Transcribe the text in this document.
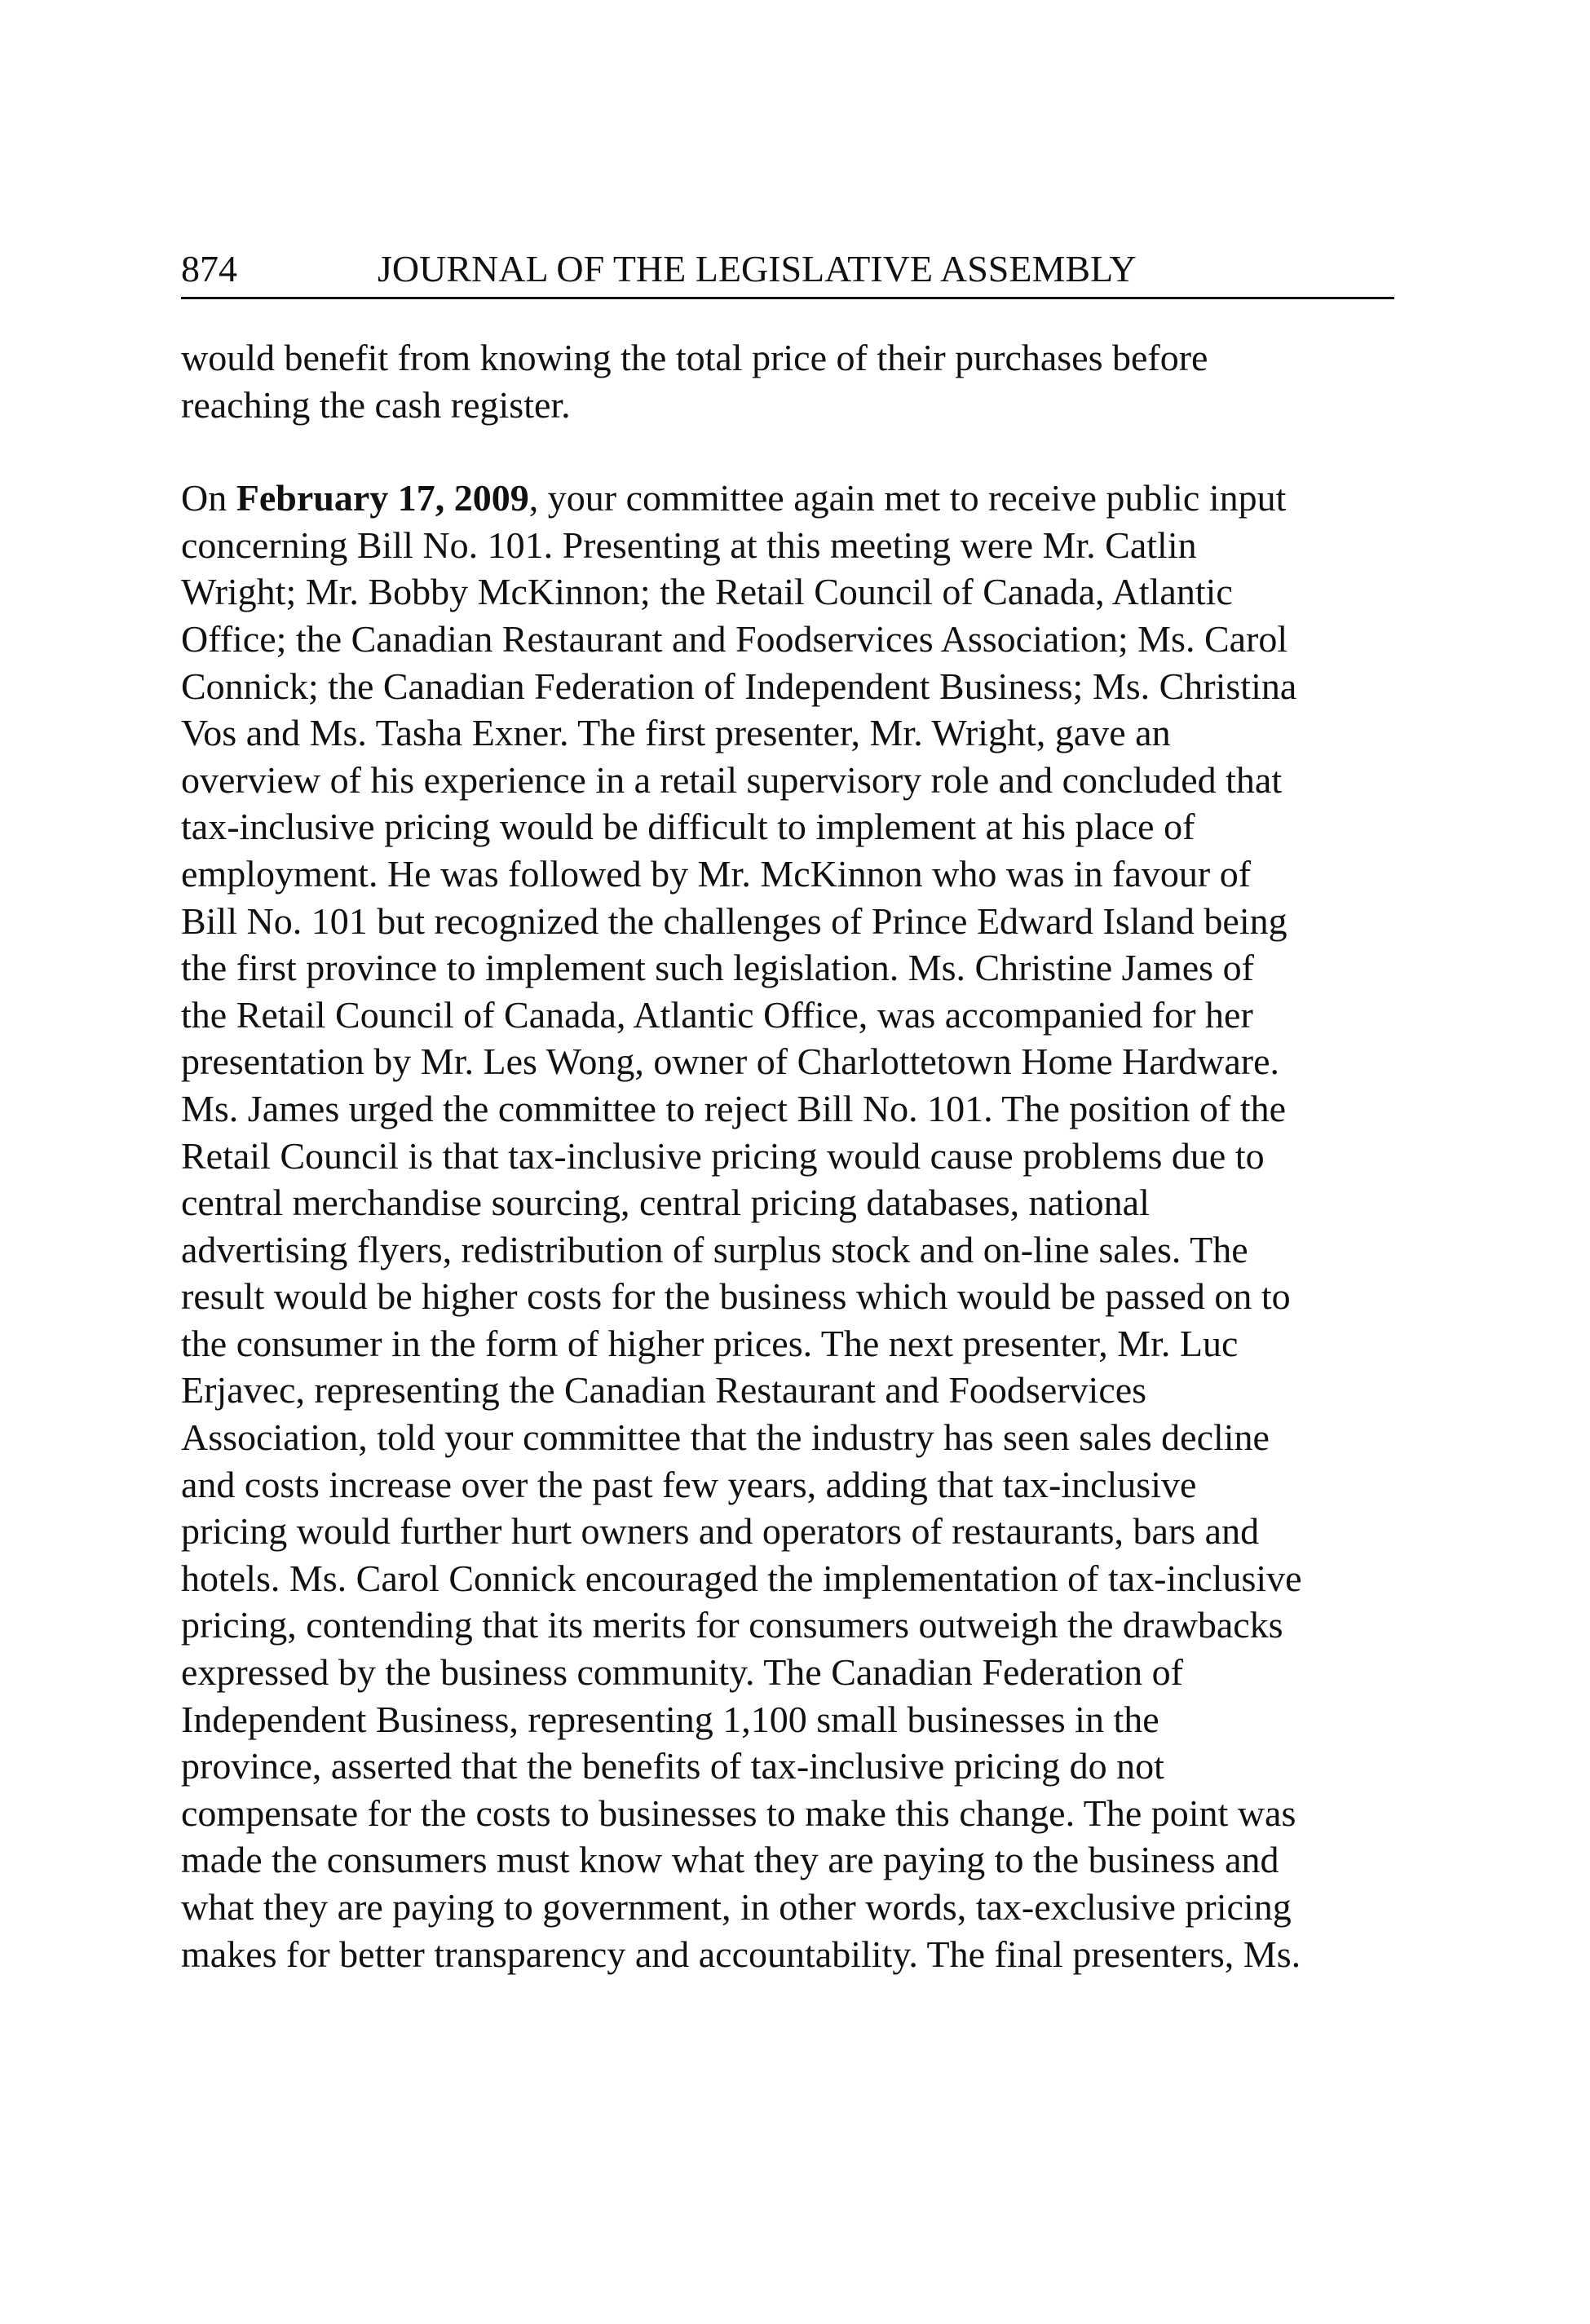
874	JOURNAL OF THE LEGISLATIVE ASSEMBLY

would benefit from knowing the total price of their purchases before
reaching the cash register.

On February 17, 2009, your committee again met to receive public input
concerning Bill No. 101. Presenting at this meeting were Mr. Catlin
Wright; Mr. Bobby McKinnon; the Retail Council of Canada, Atlantic
Office; the Canadian Restaurant and Foodservices Association; Ms. Carol
Connick; the Canadian Federation of Independent Business; Ms. Christina
Vos and Ms. Tasha Exner. The first presenter, Mr. Wright, gave an
overview of his experience in a retail supervisory role and concluded that
tax-inclusive pricing would be difficult to implement at his place of
employment. He was followed by Mr. McKinnon who was in favour of
Bill No. 101 but recognized the challenges of Prince Edward Island being
the first province to implement such legislation. Ms. Christine James of
the Retail Council of Canada, Atlantic Office, was accompanied for her
presentation by Mr. Les Wong, owner of Charlottetown Home Hardware.
Ms. James urged the committee to reject Bill No. 101. The position of the
Retail Council is that tax-inclusive pricing would cause problems due to
central merchandise sourcing, central pricing databases, national
advertising flyers, redistribution of surplus stock and on-line sales. The
result would be higher costs for the business which would be passed on to
the consumer in the form of higher prices. The next presenter, Mr. Luc
Erjavec, representing the Canadian Restaurant and Foodservices
Association, told your committee that the industry has seen sales decline
and costs increase over the past few years, adding that tax-inclusive
pricing would further hurt owners and operators of restaurants, bars and
hotels. Ms. Carol Connick encouraged the implementation of tax-inclusive
pricing, contending that its merits for consumers outweigh the drawbacks
expressed by the business community. The Canadian Federation of
Independent Business, representing 1,100 small businesses in the
province, asserted that the benefits of tax-inclusive pricing do not
compensate for the costs to businesses to make this change. The point was
made the consumers must know what they are paying to the business and
what they are paying to government, in other words, tax-exclusive pricing
makes for better transparency and accountability. The final presenters, Ms.
